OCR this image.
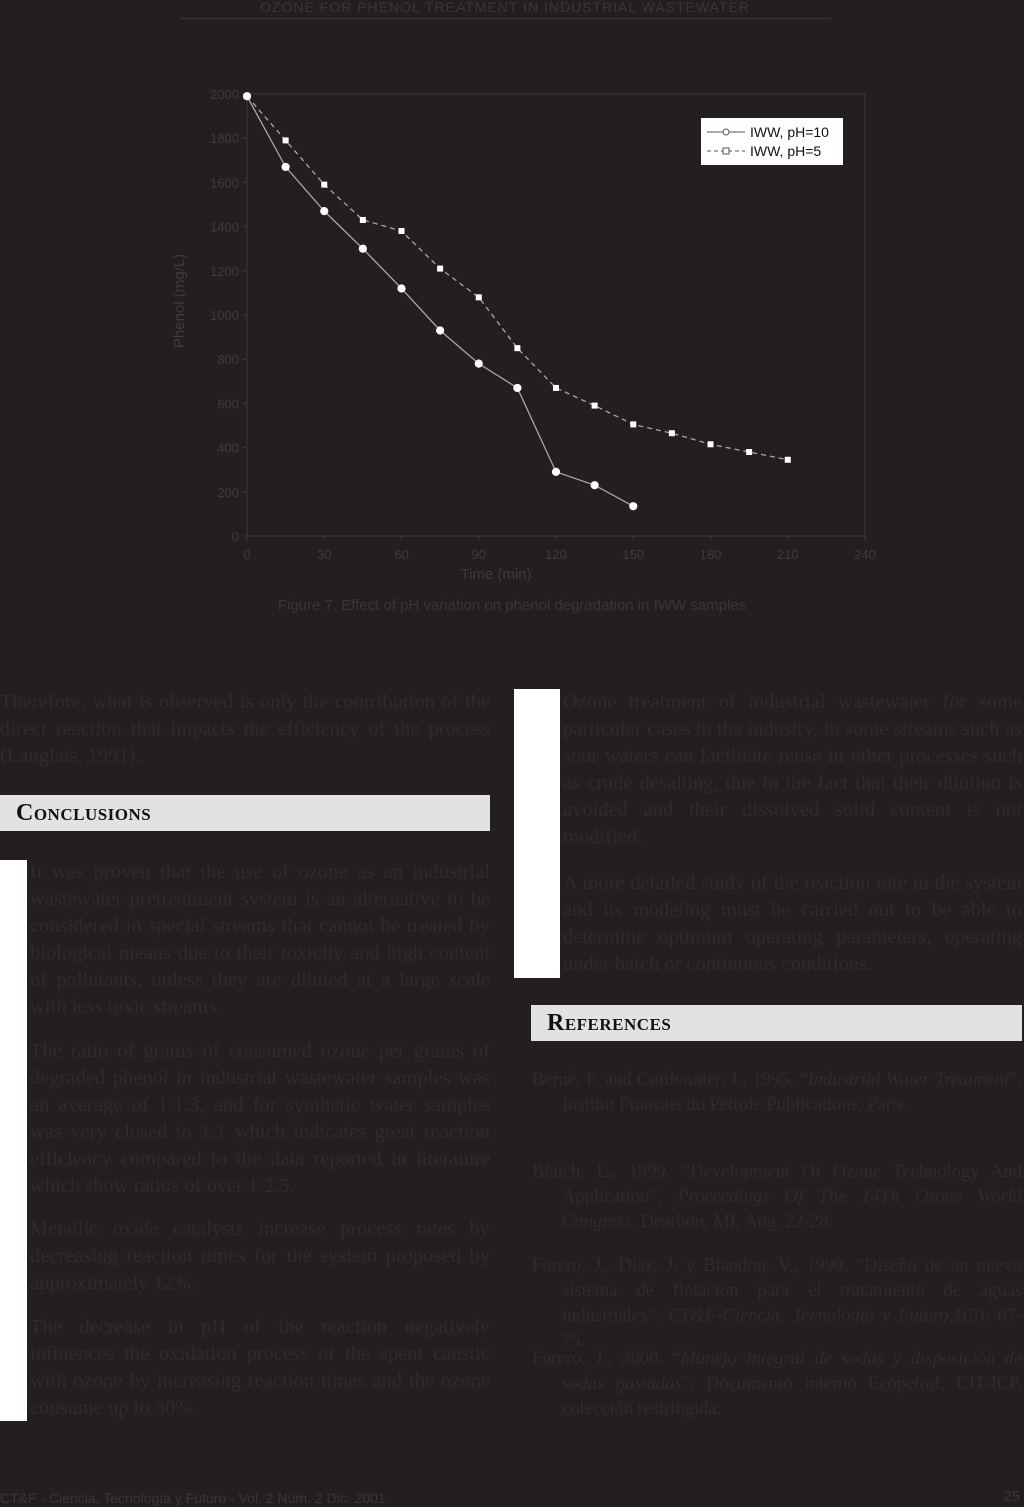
OZONE FOR PHENOL TREATMENT IN INDUSTRIAL WASTEWATER
0	30	60	90	120	150	180	210	240
0
200
400
600
800
1000
1200
1400
1600
1800
2000
Time (min)
Phenol (mg/L)
IWW, pH=10
IWW, pH=5
Figure 7. Effect of pH variation on phenol degradation in IWW samples

Therefore, what is observed is only the contribution of the direct reaction that impacts the efficiency of the process (Langlais, 1991).

Conclusions

It was proven that the use of ozone as an industrial wastewater pretreatment system is an alternative to be considered in special streams that cannot be treated by biological means due to their toxicity and high content of pollutants, unless they are diluted at a large scale with less toxic streams.

The ratio of grams of consumed ozone per grams of degraded phenol in industrial wastewater samples was an average of 1:1.3, and for synthetic water samples was very closed to 1:1 which indicates great reaction efficiency compared to the data reported in literature which show ratios of over 1:2.5.

Metallic oxide catalysts increase process rates by decreasing reaction times for the system proposed by approximately 12%.

The decrease in pH of the reaction negatively influences the oxidation process of the spent caustic with ozone by increasing reaction times and the ozone consume up to 30%.

Ozone treatment of industrial wastewater for some particular cases in the industry, in some streams such as sour waters can facilitate reuse in other processes such as crude desalting, due to the fact that their dilution is avoided and their dissolved solid content is not modified.

A more detailed study of the reaction rate in the system and its modeling must be carried out to be able to determine optimum operating parameters, operating under batch or continuous conditions.

References

Berné, F. and Cordonnier, J., 1995. “Industrial Water Treatment”. Institut Francais du Pétrole Publications, Paris.

Blaich, L., 1999. “Development Of Ozone Technology And Application”. Proceedings Of The 14Th Ozone World Congress. Dearbon, MI, Aug. 22-28.

Forero, J., Díaz, J. y Blandon, V., 1999. “Diseño de un nuevo sistema de flotación para el tratamiento de aguas industriales”. CT&F-Ciencia, Tecnología y Futuro,1(5): 67-75.

Forero, J., 2000. “Manejo integral de sodas y disposición de sodas gastadas”. Documento interno Ecopetrol, CIT-ICP, colección restringida.

CT&F - Ciencia, Tecnología y Futuro - Vol. 2 Núm. 2 Dic. 2001	25
